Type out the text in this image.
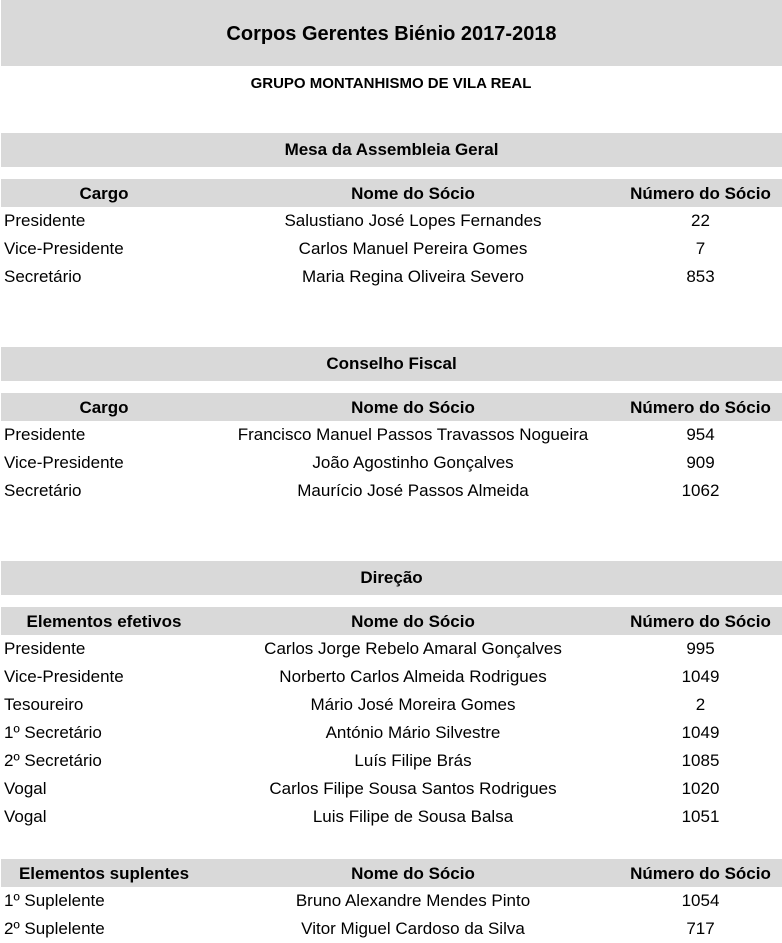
Corpos Gerentes Biénio 2017-2018
GRUPO MONTANHISMO DE VILA REAL
Mesa da Assembleia Geral
Cargo	Nome do Sócio	Número do Sócio
Presidente	Salustiano José Lopes Fernandes	22
Vice-Presidente	Carlos Manuel Pereira Gomes	7
Secretário	Maria Regina Oliveira Severo	853
Conselho Fiscal
Cargo	Nome do Sócio	Número do Sócio
Presidente	Francisco Manuel Passos Travassos Nogueira	954
Vice-Presidente	João Agostinho Gonçalves	909
Secretário	Maurício José Passos Almeida	1062
Direção
Elementos efetivos	Nome do Sócio	Número do Sócio
Presidente	Carlos Jorge Rebelo Amaral Gonçalves	995
Vice-Presidente	Norberto Carlos Almeida Rodrigues	1049
Tesoureiro	Mário José Moreira Gomes	2
1º Secretário	António Mário Silvestre	1049
2º Secretário	Luís Filipe Brás	1085
Vogal	Carlos Filipe Sousa Santos Rodrigues	1020
Vogal	Luis Filipe de Sousa Balsa	1051
Elementos suplentes	Nome do Sócio	Número do Sócio
1º Suplelente	Bruno Alexandre Mendes Pinto	1054
2º Suplelente	Vitor Miguel Cardoso da Silva	717
